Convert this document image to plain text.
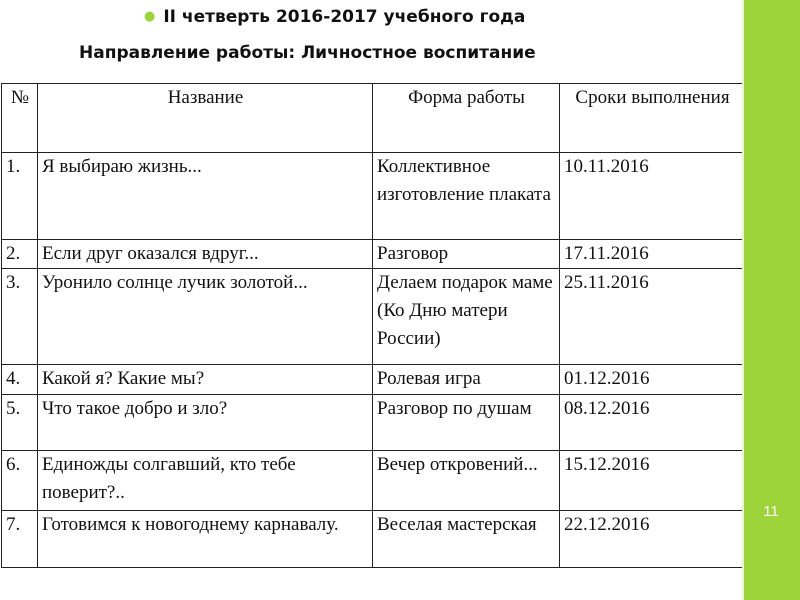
● II четверть 2016-2017 учебного года
Направление работы: Личностное воспитание
№	Название	Форма работы	Сроки выполнения
1.	Я выбираю жизнь...	Коллективное изготовление плаката	10.11.2016
2.	Если друг оказался вдруг...	Разговор	17.11.2016
3.	Уронило солнце лучик золотой...	Делаем подарок маме (Ко Дню матери России)	25.11.2016
4.	Какой я? Какие мы?	Ролевая игра	01.12.2016
5.	Что такое добро и зло?	Разговор по душам	08.12.2016
6.	Единожды солгавший, кто тебе поверит?..	Вечер откровений...	15.12.2016
7.	Готовимся к новогоднему карнавалу.	Веселая мастерская	22.12.2016
11
